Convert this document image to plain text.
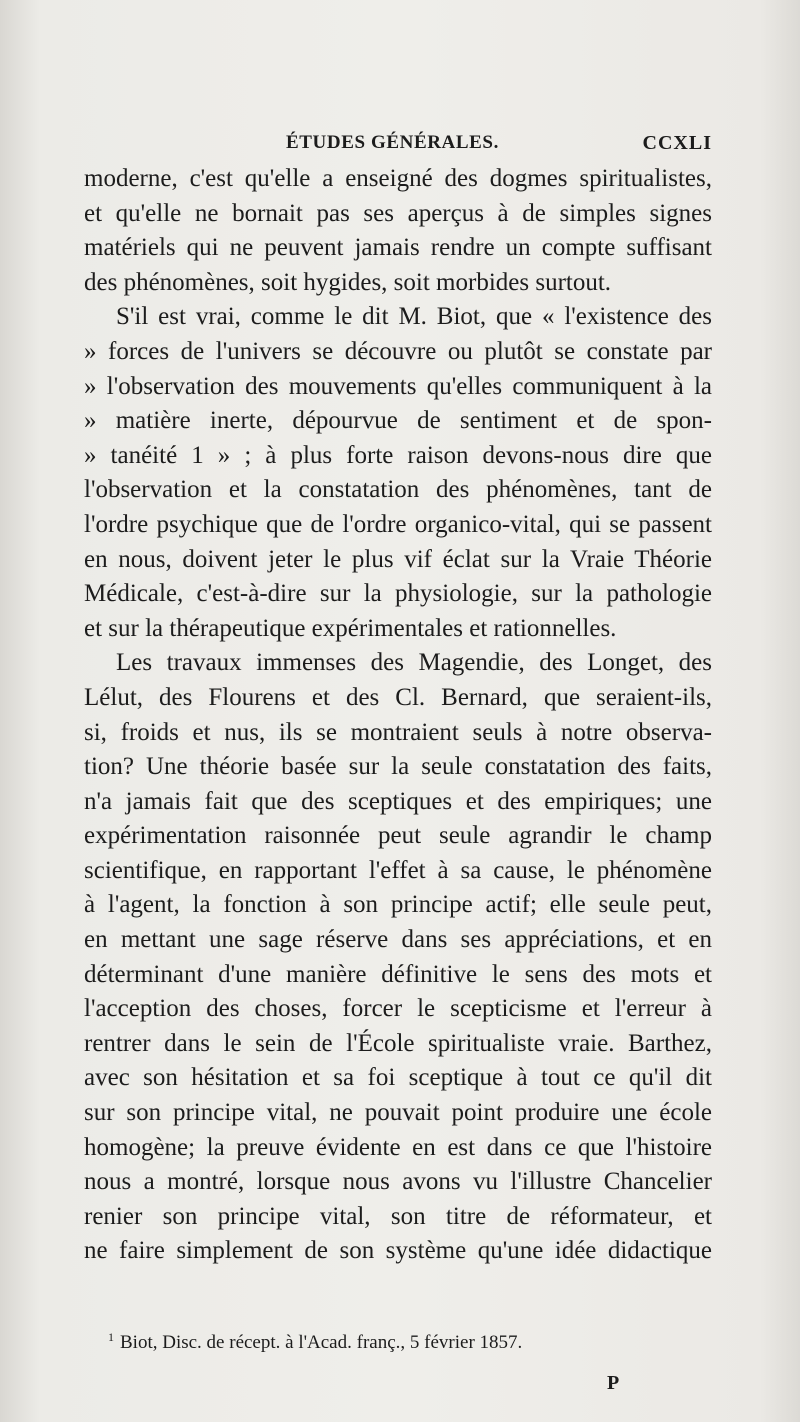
ÉTUDES GÉNÉRALES.	CCXLI
moderne, c'est qu'elle a enseigné des dogmes spiritualistes,
et qu'elle ne bornait pas ses aperçus à de simples signes
matériels qui ne peuvent jamais rendre un compte suffisant
des phénomènes, soit hygides, soit morbides surtout.
S'il est vrai, comme le dit M. Biot, que « l'existence des
» forces de l'univers se découvre ou plutôt se constate par
» l'observation des mouvements qu'elles communiquent à la
» matière inerte, dépourvue de sentiment et de spon-
» tanéité 1 » ; à plus forte raison devons-nous dire que
l'observation et la constatation des phénomènes, tant de
l'ordre psychique que de l'ordre organico-vital, qui se passent
en nous, doivent jeter le plus vif éclat sur la Vraie Théorie
Médicale, c'est-à-dire sur la physiologie, sur la pathologie
et sur la thérapeutique expérimentales et rationnelles.
Les travaux immenses des Magendie, des Longet, des
Lélut, des Flourens et des Cl. Bernard, que seraient-ils,
si, froids et nus, ils se montraient seuls à notre observa-
tion? Une théorie basée sur la seule constatation des faits,
n'a jamais fait que des sceptiques et des empiriques; une
expérimentation raisonnée peut seule agrandir le champ
scientifique, en rapportant l'effet à sa cause, le phénomène
à l'agent, la fonction à son principe actif; elle seule peut,
en mettant une sage réserve dans ses appréciations, et en
déterminant d'une manière définitive le sens des mots et
l'acception des choses, forcer le scepticisme et l'erreur à
rentrer dans le sein de l'École spiritualiste vraie. Barthez,
avec son hésitation et sa foi sceptique à tout ce qu'il dit
sur son principe vital, ne pouvait point produire une école
homogène; la preuve évidente en est dans ce que l'histoire
nous a montré, lorsque nous avons vu l'illustre Chancelier
renier son principe vital, son titre de réformateur, et
ne faire simplement de son système qu'une idée didactique
$^1$ Biot, Disc. de récept. à l'Acad. franç., 5 février 1857.
P
